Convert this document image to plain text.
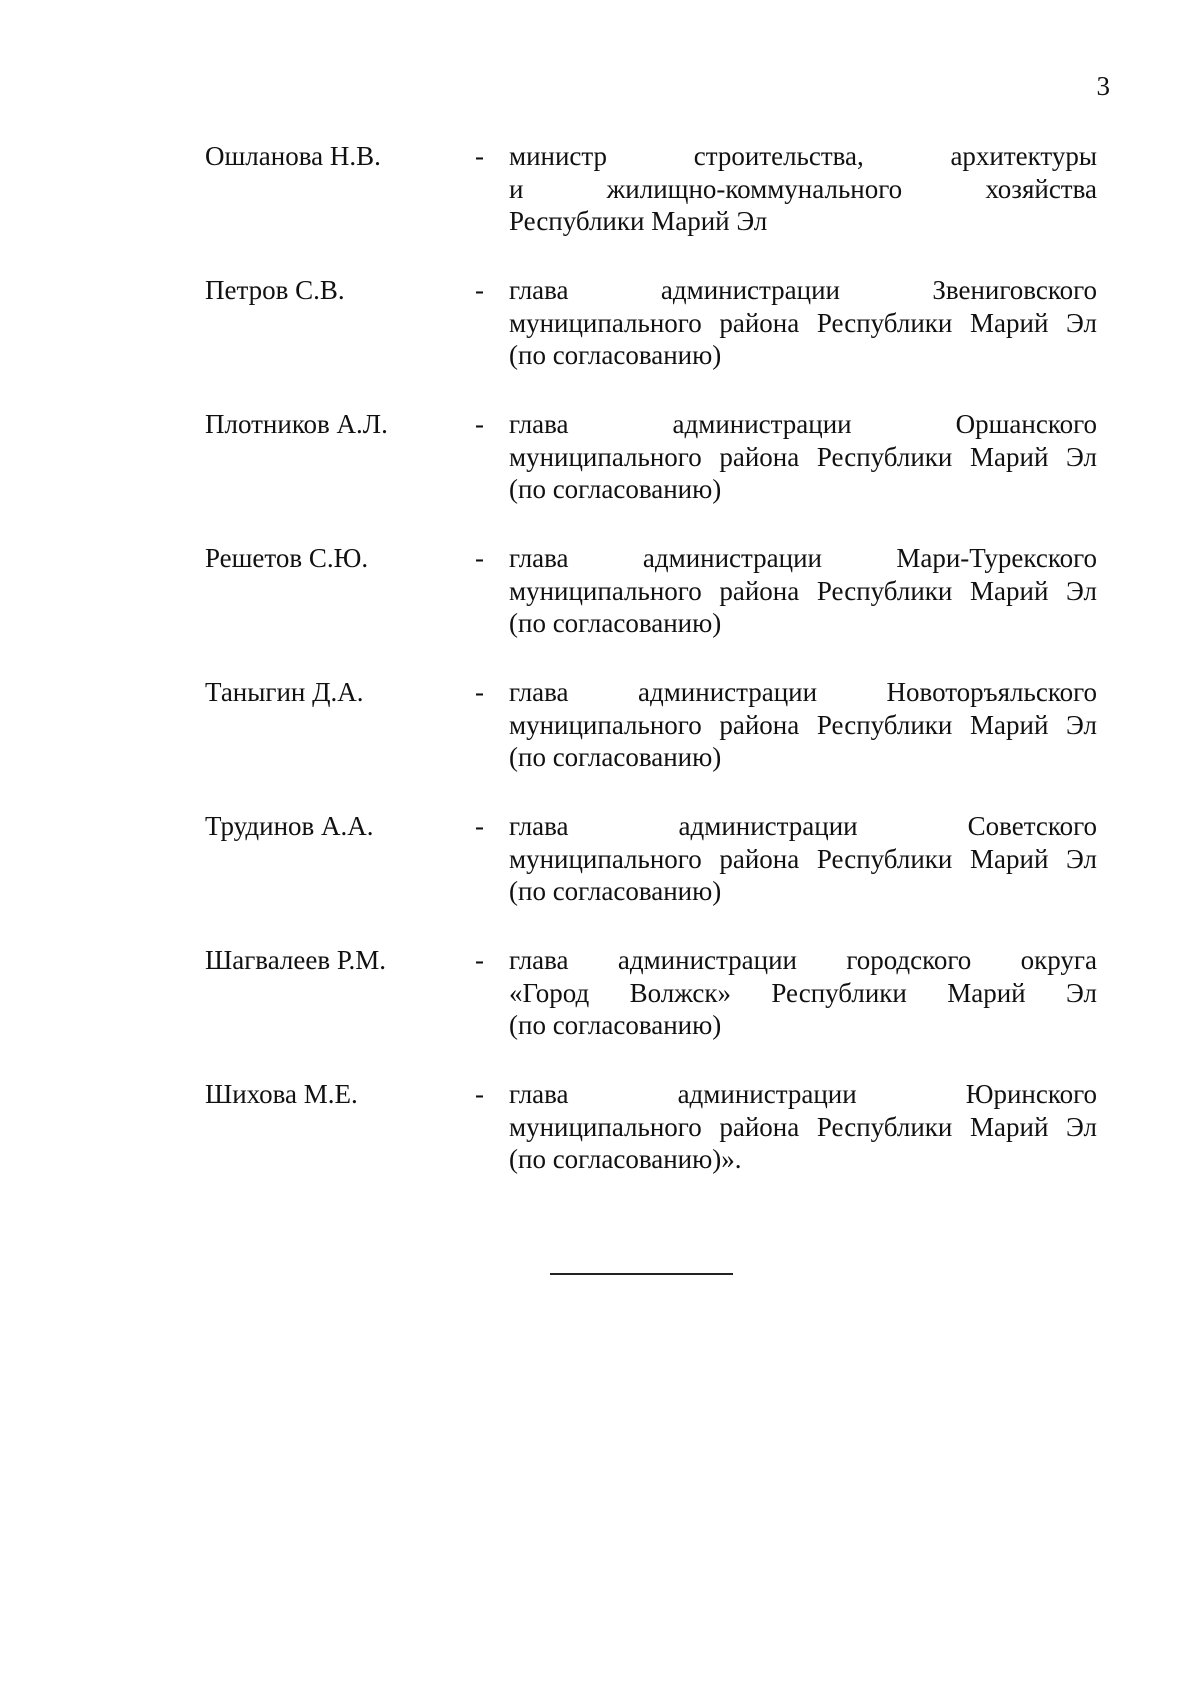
3
Ошланова Н.В.	- министр	строительства,	архитектуры
и	жилищно-коммунального	хозяйства
Республики Марий Эл
Петров С.В.	- глава	администрации	Звениговского
муниципального района Республики Марий Эл
(по согласованию)
Плотников А.Л.	- глава	администрации	Оршанского
муниципального района Республики Марий Эл
(по согласованию)
Решетов С.Ю.	- глава	администрации	Мари-Турекского
муниципального района Республики Марий Эл
(по согласованию)
Таныгин Д.А.	- глава	администрации	Новоторъяльского
муниципального района Республики Марий Эл
(по согласованию)
Трудинов А.А.	- глава	администрации	Советского
муниципального района Республики Марий Эл
(по согласованию)
Шагвалеев Р.М.	- глава администрации городского округа
«Город Волжск» Республики Марий Эл
(по согласованию)
Шихова М.Е.	- глава	администрации	Юринского
муниципального района Республики Марий Эл
(по согласованию)».
